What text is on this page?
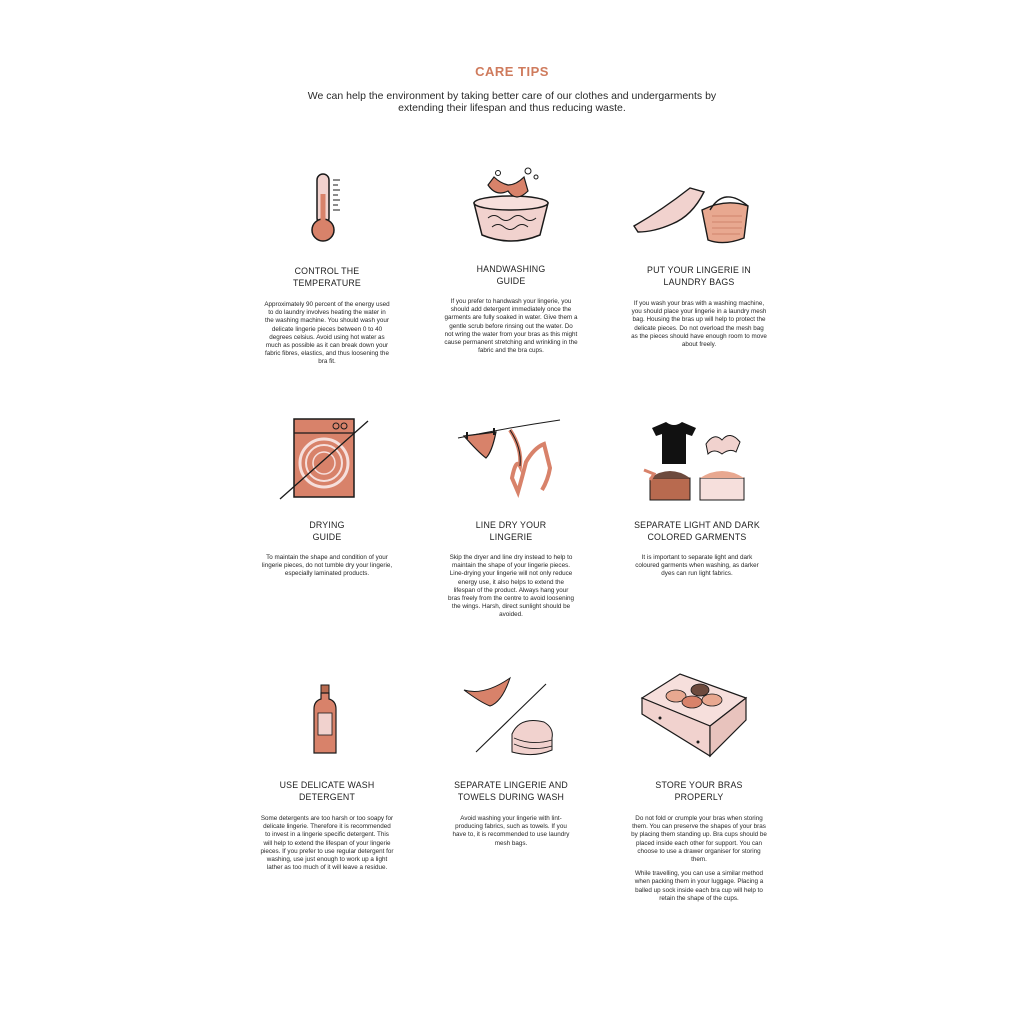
CARE TIPS
We can help the environment by taking better care of our clothes and undergarments by extending their lifespan and thus reducing waste.
CONTROL THE
TEMPERATURE

Approximately 90 percent of the energy used to do laundry involves heating the water in the washing machine. You should wash your delicate lingerie pieces between 0 to 40 degrees celsius. Avoid using hot water as much as possible as it can break down your fabric fibres, elastics, and thus loosening the bra fit.

HANDWASHING
GUIDE

If you prefer to handwash your lingerie, you should add detergent immediately once the garments are fully soaked in water. Give them a gentle scrub before rinsing out the water. Do not wring the water from your bras as this might cause permanent stretching and wrinkling in the fabric and the bra cups.

PUT YOUR LINGERIE IN
LAUNDRY BAGS

If you wash your bras with a washing machine, you should place your lingerie in a laundry mesh bag. Housing the bras up will help to protect the delicate pieces. Do not overload the mesh bag as the pieces should have enough room to move about freely.

DRYING
GUIDE

To maintain the shape and condition of your lingerie pieces, do not tumble dry your lingerie, especially laminated products.

LINE DRY YOUR
LINGERIE

Skip the dryer and line dry instead to help to maintain the shape of your lingerie pieces. Line-drying your lingerie will not only reduce energy use, it also helps to extend the lifespan of the product. Always hang your bras freely from the centre to avoid loosening the wings. Harsh, direct sunlight should be avoided.

SEPARATE LIGHT AND DARK
COLORED GARMENTS

It is important to separate light and dark coloured garments when washing, as darker dyes can run light fabrics.

USE DELICATE WASH
DETERGENT

Some detergents are too harsh or too soapy for delicate lingerie. Therefore it is recommended to invest in a lingerie specific detergent. This will help to extend the lifespan of your lingerie pieces. If you prefer to use regular detergent for washing, use just enough to work up a light lather as too much of it will leave a residue.

SEPARATE LINGERIE AND
TOWELS DURING WASH

Avoid washing your lingerie with lint-producing fabrics, such as towels. If you have to, it is recommended to use laundry mesh bags.

STORE YOUR BRAS
PROPERLY

Do not fold or crumple your bras when storing them. You can preserve the shapes of your bras by placing them standing up. Bra cups should be placed inside each other for support. You can choose to use a drawer organiser for storing them.

While travelling, you can use a similar method when packing them in your luggage. Placing a balled up sock inside each bra cup will help to retain the shape of the cups.
